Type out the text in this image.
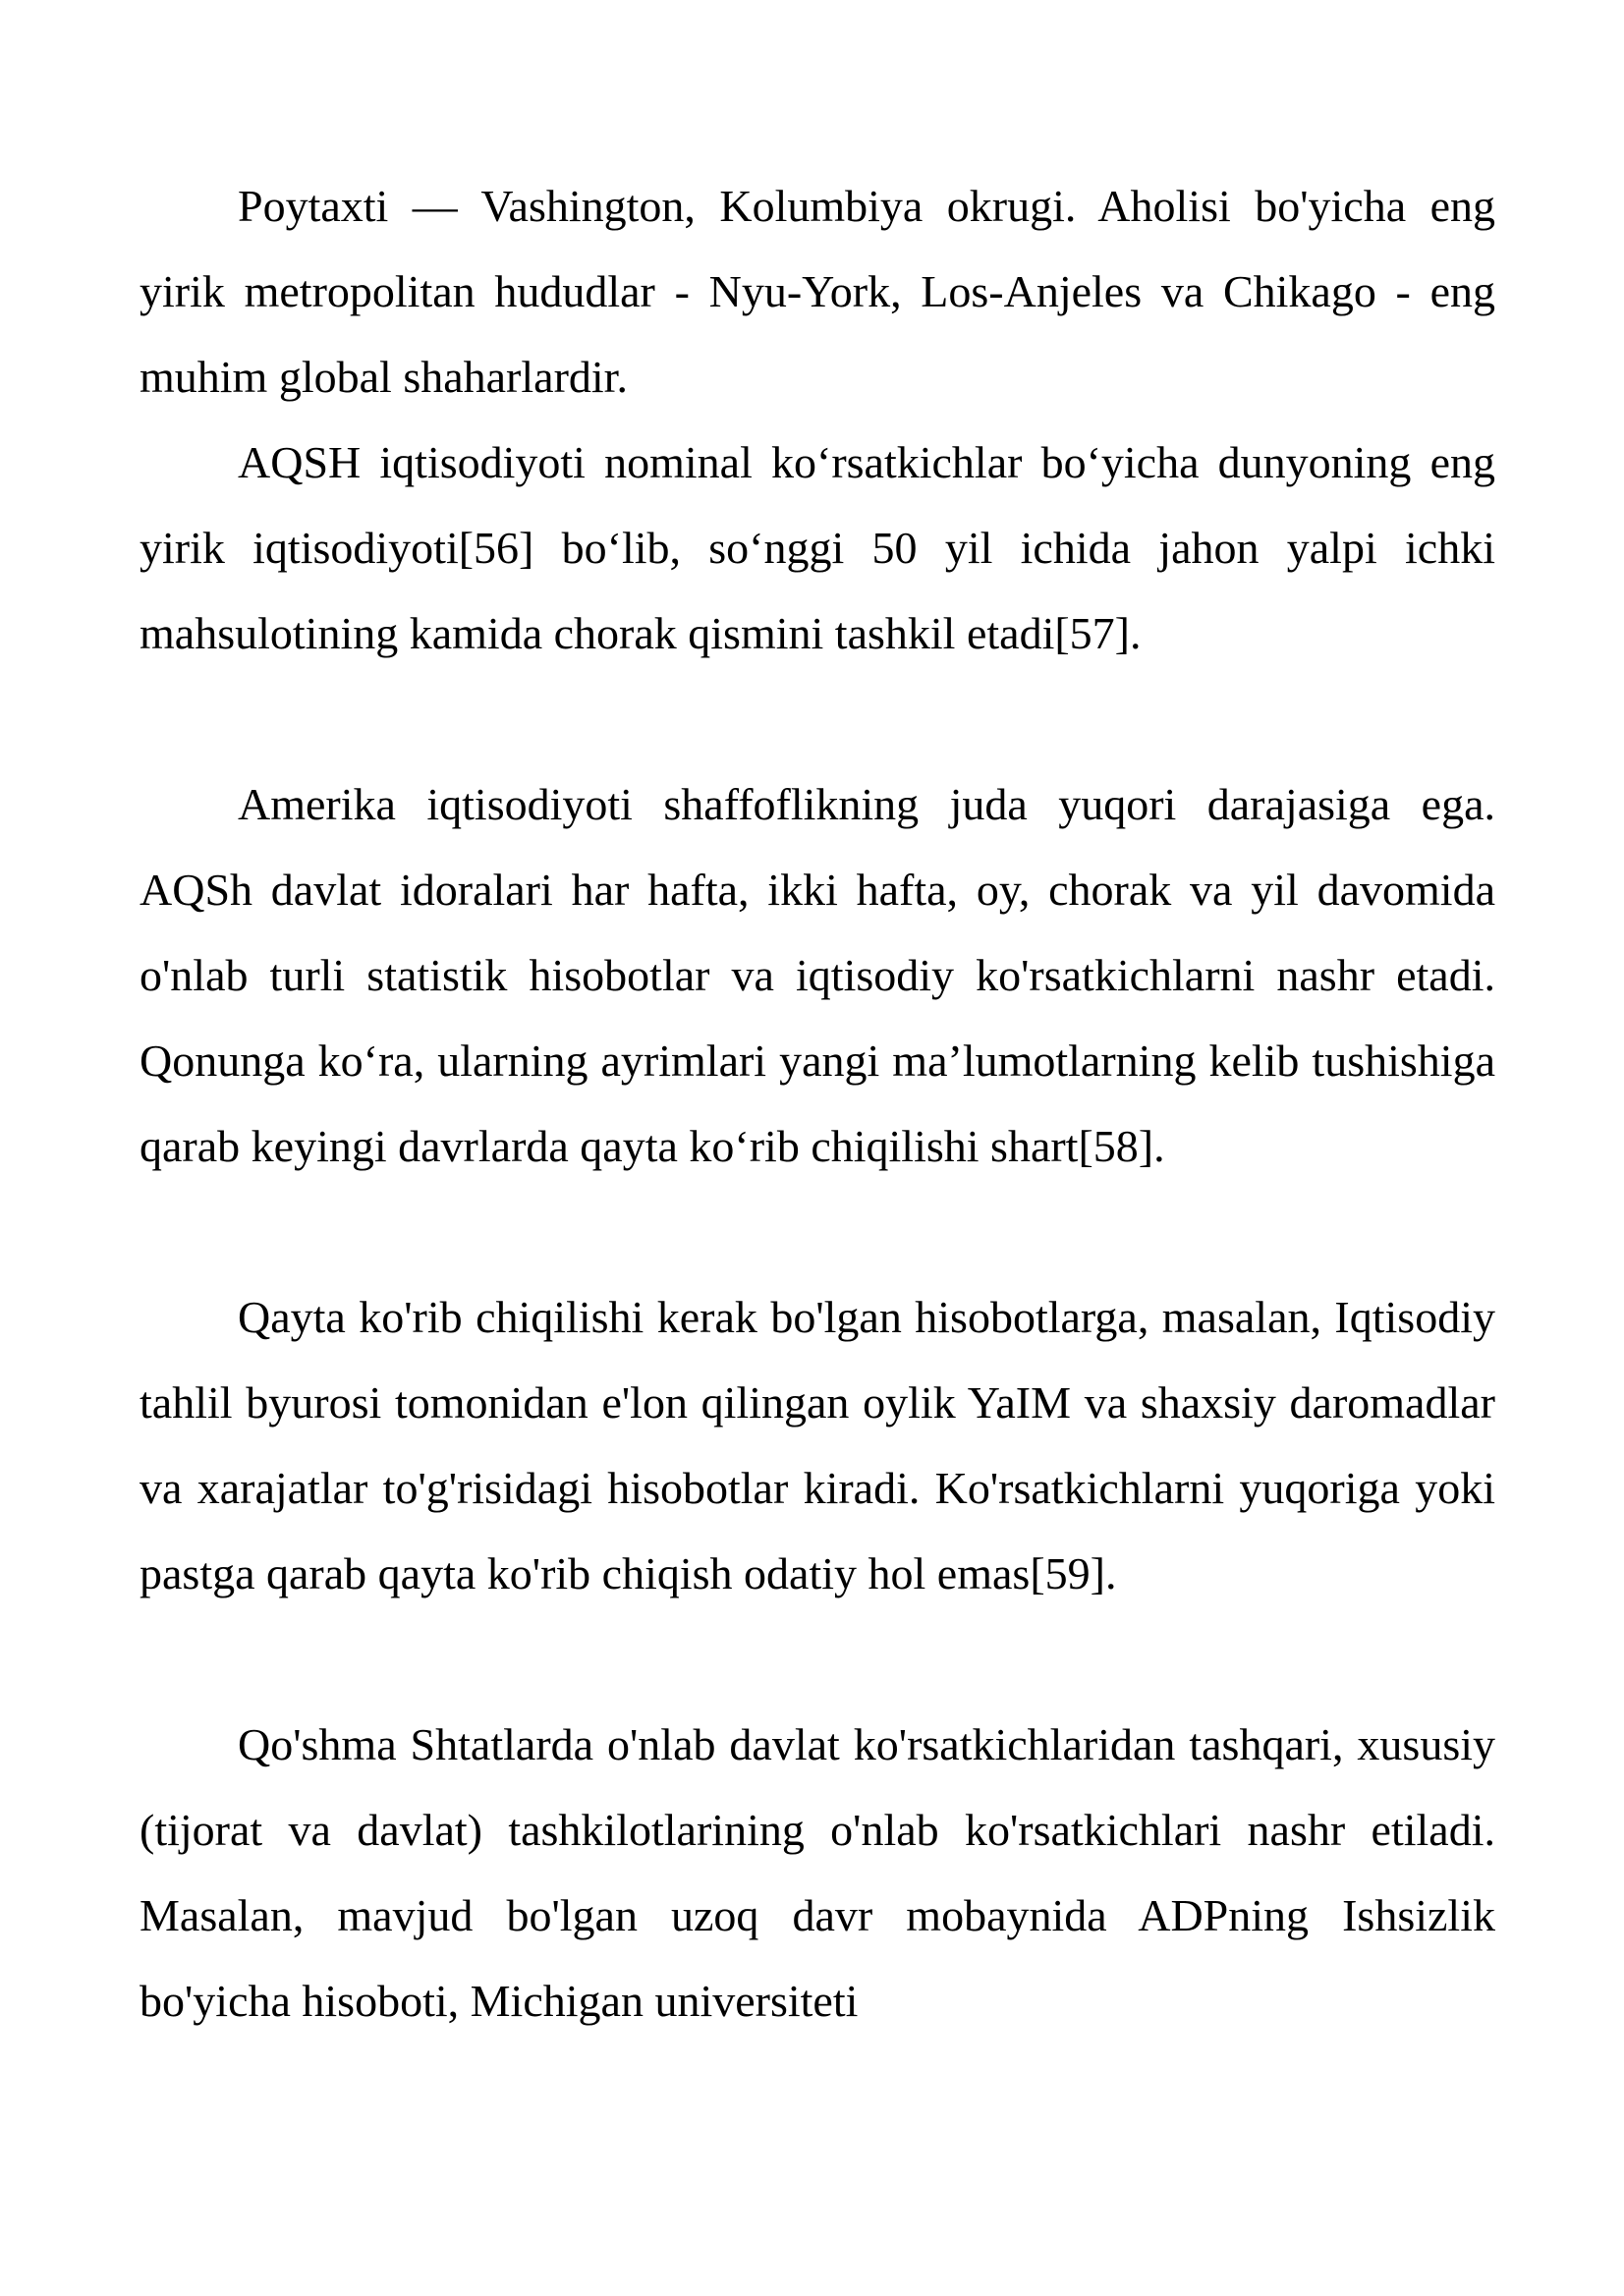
Poytaxti — Vashington, Kolumbiya okrugi. Aholisi bo'yicha eng yirik metropolitan hududlar - Nyu-York, Los-Anjeles va Chikago - eng muhim global shaharlardir.

AQSH iqtisodiyoti nominal ko‘rsatkichlar bo‘yicha dunyoning eng yirik iqtisodiyoti[56] bo‘lib, so‘nggi 50 yil ichida jahon yalpi ichki mahsulotining kamida chorak qismini tashkil etadi[57].

Amerika iqtisodiyoti shaffoflikning juda yuqori darajasiga ega. AQSh davlat idoralari har hafta, ikki hafta, oy, chorak va yil davomida o'nlab turli statistik hisobotlar va iqtisodiy ko'rsatkichlarni nashr etadi. Qonunga ko‘ra, ularning ayrimlari yangi ma’lumotlarning kelib tushishiga qarab keyingi davrlarda qayta ko‘rib chiqilishi shart[58].

Qayta ko'rib chiqilishi kerak bo'lgan hisobotlarga, masalan, Iqtisodiy tahlil byurosi tomonidan e'lon qilingan oylik YaIM va shaxsiy daromadlar va xarajatlar to'g'risidagi hisobotlar kiradi. Ko'rsatkichlarni yuqoriga yoki pastga qarab qayta ko'rib chiqish odatiy hol emas[59].

Qo'shma Shtatlarda o'nlab davlat ko'rsatkichlaridan tashqari, xususiy (tijorat va davlat) tashkilotlarining o'nlab ko'rsatkichlari nashr etiladi. Masalan, mavjud bo'lgan uzoq davr mobaynida ADPning Ishsizlik bo'yicha hisoboti, Michigan universiteti
